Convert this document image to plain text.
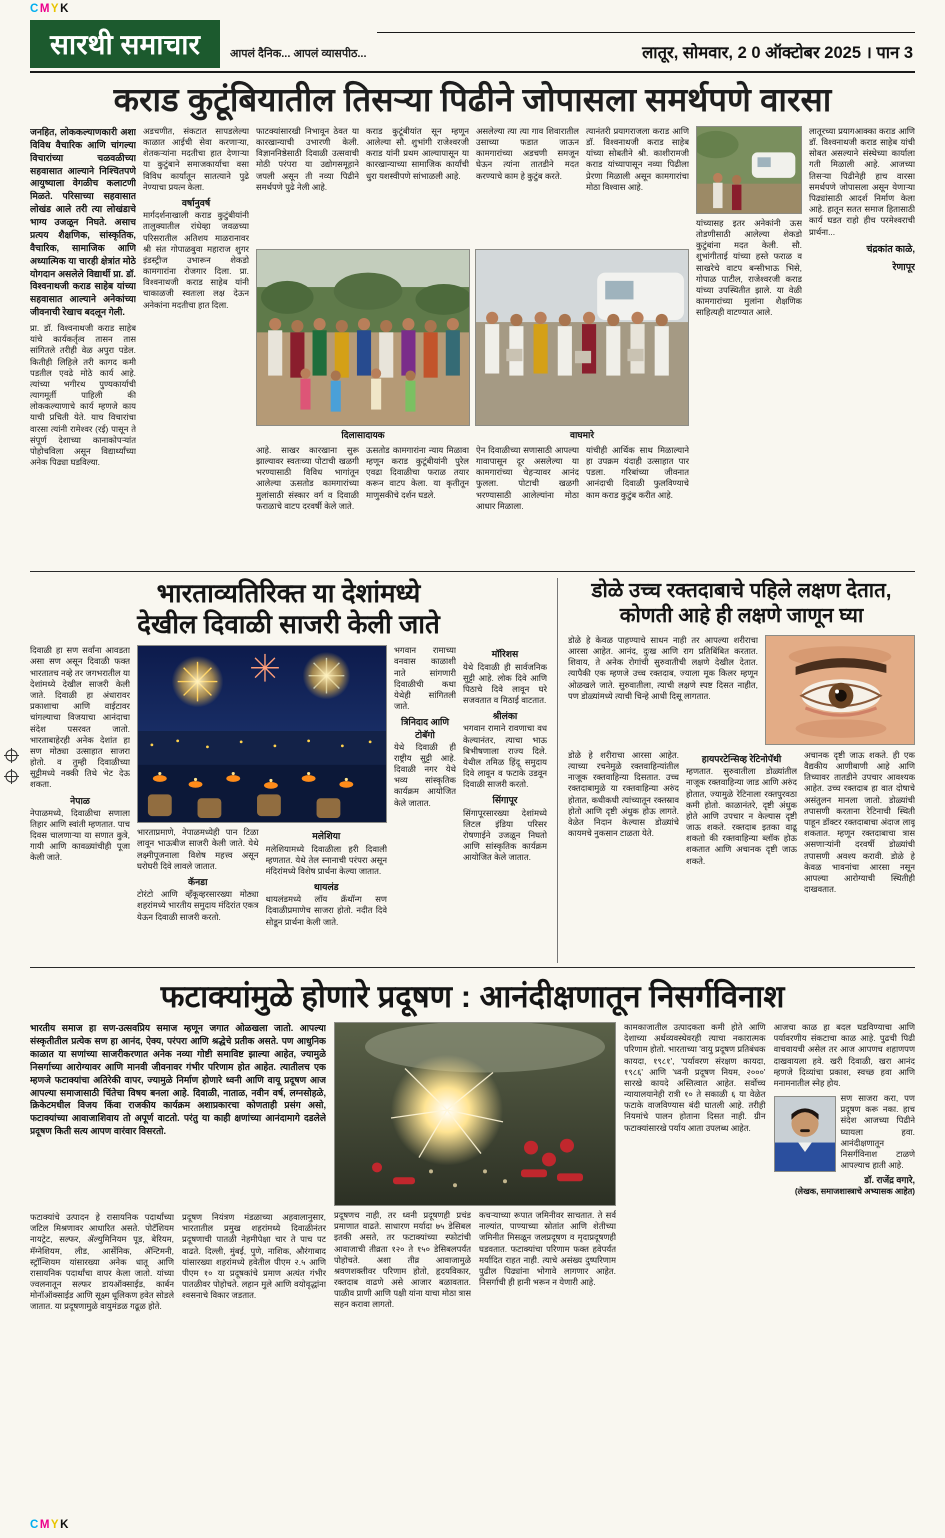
CMYK
सारथी समाचार	आपलं दैनिक... आपलं व्यासपीठ...	लातूर, सोमवार, 2 0 ऑक्टोबर 2025 । पान 3
कराड कुटूंबियातील तिसऱ्या पिढीने जोपासला समर्थपणे वारसा

जनहित, लोककल्याणकारी अशा विविध वैचारिक आणि चांगल्या विचारांच्या चळवळीच्या सहवासात आल्याने निश्चितपणे आयुष्याला वेगळीच कलाटणी मिळते. परिसाच्या सहवासात लोखंड आले तरी त्या लोखंडाचे भाग्य उजळून निघते. असाच प्रत्यय शैक्षणिक, सांस्कृतिक, वैचारिक, सामाजिक आणि अध्यात्मिक या चारही क्षेत्रांत मोठे योगदान असलेले विद्यार्थी प्रा. डॉ. विश्वनाथजी कराड साहेब यांच्या सहवासात आल्याने अनेकांच्या जीवनाची रेखाच बदलून गेली.

प्रा. डॉ. विश्वनाथजी कराड साहेब यांचे कार्यकर्तृत्व तासन तास सांगितले तरीही वेळ अपुरा पडेल. कितीही लिहिले तरी कागद कमी पडतील एवढे मोठे कार्य आहे. त्यांच्या भगीरथ पुण्यकार्याची त्यागमूर्ती पाहिली की लोककल्याणाचे कार्य म्हणजे काय याची प्रचिती येते. याच विचारांचा वारसा त्यांनी रामेश्वर (रई) पासून ते संपूर्ण देशाच्या कानाकोपऱ्यांत पोहोचविला असून विद्यार्थ्यांच्या अनेक पिढ्या घडविल्या.

अडचणीत, संकटात सापडलेल्या काळात आईची सेवा करणाऱ्या, शेतकऱ्यांना मदतीचा हात देणाऱ्या या कुटुंबाने समाजकार्याचा वसा विविध कार्यांतून सातत्याने पुढे नेण्याचा प्रयत्न केला.

वर्षानुवर्ष

मार्गदर्शनाखाली कराड कुटुंबीयांनी तालुक्यातील रांधेव्हा जवळच्या परिसरातील अतिशय माळरानावर श्री संत गोपाळबुवा महाराज शुगर इंडस्ट्रीज उभारून शेकडो कामगारांना रोजगार दिला. प्रा. विश्वनाथजी कराड साहेब यांनी चाकाळजी स्वतःला लक्ष देऊन अनेकांना मदतीचा हात दिला.

फाटक्यांसारखी निभावून ठेवत या कारखान्याची उभारणी केली. विज्ञाननिष्ठेसाठी दिवाळी उत्सवाची मोठी परंपरा या उद्योगसमूहाने जपली असून ती नव्या पिढीने समर्थपणे पुढे नेली आहे.

कराड कुटूंबीयांत सून म्हणून आलेल्या सौ. शुभांगी राजेश्वरजी कराड यांनी प्रथम आल्यापासून या कारखान्याच्या सामाजिक कार्यांची धुरा यशस्वीपणे सांभाळली आहे.

असलेल्या त्या त्या गाव शिवारातील उसाच्या फडात जाऊन कामगारांच्या अडचणी समजून घेऊन त्यांना तातडीने मदत करण्याचे काम हे कुटुंब करते.

त्यानंतरी प्रयागराजला कराड आणि डॉ. विश्वनाथजी कराड साहेब यांच्या सोबतीने श्री. काशीरामजी कराड यांच्यापासून नव्या पिढीला प्रेरणा मिळाली असून कामगारांचा मोठा विश्वास आहे.

दिलासादायक	वाघमारे

आहे. साखर कारखाना सुरू झाल्यावर स्वतःच्या पोटाची खळगी भरण्यासाठी विविध भागांतून आलेल्या ऊसतोड कामगारांच्या मुलांसाठी संस्कार वर्ग व दिवाळी फराळाचे वाटप दरवर्षी केले जाते.

ऊसतोड कामगारांना न्याय मिळावा म्हणून कराड कुटूंबीयांनी पुरेल एवढा दिवाळीचा फराळ तयार करून वाटप केला. या कृतीतून माणुसकीचे दर्शन घडले.

ऐन दिवाळीच्या सणासाठी आपल्या गावापासून दूर असलेल्या या कामगारांच्या चेहऱ्यावर आनंद फुलला. पोटाची खळगी भरण्यासाठी आलेल्यांना मोठा आधार मिळाला.

यांचीही आर्थिक साथ मिळाल्याने हा उपक्रम यंदाही उत्साहात पार पडला. गरिबांच्या जीवनात आनंदाची दिवाळी फुलविण्याचे काम कराड कुटुंब करीत आहे.

यांच्यासह इतर अनेकांनी ऊस तोडणीसाठी आलेल्या शेकडो कुटुंबांना मदत केली. सौ. शुभांगीताई यांच्या हस्ते फराळ व साखरेचे वाटप बन्सीभाऊ भिसे, गोपाळ पाटील, राजेश्वरजी कराड यांच्या उपस्थितीत झाले. या वेळी कामगारांच्या मुलांना शैक्षणिक साहित्यही वाटण्यात आले.

लातूरच्या प्रयागआक्का कराड आणि डॉ. विश्वनाथजी कराड साहेब यांची सोबत असल्याने संस्थेच्या कार्याला गती मिळाली आहे. आजच्या तिसऱ्या पिढीनेही हाच वारसा समर्थपणे जोपासला असून येणाऱ्या पिढ्यांसाठी आदर्श निर्माण केला आहे. हातून सतत समाज हितासाठी कार्य घडत राहो हीच परमेश्वराची प्रार्थना...

चंद्रकांत काळे,
रेणापूर
भारताव्यतिरिक्त या देशांमध्ये
देखील दिवाळी साजरी केली जाते

दिवाळी हा सण सर्वांना आवडता असा सण असून दिवाळी फक्त भारतातच नव्हे तर जगभरातील या देशांमध्ये देखील साजरी केली जाते. दिवाळी हा अंधारावर प्रकाशाचा आणि वाईटावर चांगल्याचा विजयाचा आनंदाचा संदेश पसरवत जातो. भारताबाहेरही अनेक देशांत हा सण मोठ्या उत्साहात साजरा होतो. व तुम्ही दिवाळीच्या सुट्टीमध्ये नक्की तिथे भेट देऊ शकता.

नेपाळ

नेपाळमध्ये, दिवाळीचा सणाला तिहार आणि स्वांती म्हणतात. पाच दिवस चालणाऱ्या या सणात कुत्रे, गायी आणि कावळ्यांचीही पूजा केली जाते.

भारताप्रमाणे, नेपाळमध्येही पान टिळा लावून भाऊबीज साजरी केली जाते. येथे लक्ष्मीपूजनाला विशेष महत्त्व असून घरोघरी दिवे लावले जातात.

कॅनडा

टोरंटो आणि व्हँकूव्हरसारख्या मोठ्या शहरांमध्ये भारतीय समुदाय मंदिरांत एकत्र येऊन दिवाळी साजरी करतो.

मलेशिया

मलेशियामध्ये दिवाळीला हरी दिवाली म्हणतात. येथे तेल स्नानाची परंपरा असून मंदिरांमध्ये विशेष प्रार्थना केल्या जातात.

थायलंड

थायलंडमध्ये लॉय क्रॅथॉन्ग सण दिवाळीप्रमाणेच साजरा होतो. नदीत दिवे सोडून प्रार्थना केली जाते.

भगवान रामाच्या वनवास काळाशी नाते सांगणारी दिवाळीची कथा येथेही सांगितली जाते.

त्रिनिदाद आणि टोबॅगो

येथे दिवाळी ही राष्ट्रीय सुट्टी आहे. दिवाळी नगर येथे भव्य सांस्कृतिक कार्यक्रम आयोजित केले जातात.

मॉरिशस

येथे दिवाळी ही सार्वजनिक सुट्टी आहे. लोक दिवे आणि पिठाचे दिवे लावून घरे सजवतात व मिठाई वाटतात.

श्रीलंका

भगवान रामाने रावणाचा वध केल्यानंतर, त्याचा भाऊ बिभीषणाला राज्य दिले. येथील तमिळ हिंदू समुदाय दिवे लावून व फटाके उडवून दिवाळी साजरी करतो.

सिंगापूर

सिंगापूरसारख्या देशांमध्ये लिटल इंडिया परिसर रोषणाईने उजळून निघतो आणि सांस्कृतिक कार्यक्रम आयोजित केले जातात.

डोळे उच्च रक्तदाबाचे पहिले लक्षण देतात,
कोणती आहे ही लक्षणे जाणून घ्या

डोळे हे केवळ पाहण्याचे साधन नाही तर आपल्या शरीराचा आरसा आहेत. आनंद, दुःख आणि राग प्रतिबिंबित करतात. शिवाय, ते अनेक रोगांची सुरुवातीची लक्षणे देखील देतात. त्यापैकी एक म्हणजे उच्च रक्तदाब, ज्याला मूक किलर म्हणून ओळखले जाते. सुरुवातीला, त्याची लक्षणे स्पष्ट दिसत नाहीत, पण डोळ्यांमध्ये त्याची चिन्हे आधी दिसू लागतात.

डोळे हे शरीराचा आरसा आहेत. त्याच्या रचनेमुळे रक्तवाहिन्यांतील नाजूक रक्तवाहिन्या दिसतात. उच्च रक्तदाबामुळे या रक्तवाहिन्या अरुंद होतात, कधीकधी त्यांच्यातून रक्तस्राव होतो आणि दृष्टी अंधुक होऊ लागते. वेळेत निदान केल्यास डोळ्यांचे कायमचे नुकसान टाळता येते.

हायपरटेन्सिव्ह रेटिनोपॅथी

म्हणतात. सुरुवातीला डोळ्यांतील नाजूक रक्तवाहिन्या जाड आणि अरुंद होतात, ज्यामुळे रेटिनाला रक्तपुरवठा कमी होतो. काळानंतरे, दृष्टी अंधुक होते आणि उपचार न केल्यास दृष्टी जाऊ शकते. रक्तदाब इतका वाढू शकतो की रक्तवाहिन्या ब्लॉक होऊ शकतात आणि अचानक दृष्टी जाऊ शकते.

अचानक दृष्टी जाऊ शकते. ही एक वैद्यकीय आणीबाणी आहे आणि तिच्यावर तातडीने उपचार आवश्यक आहेत. उच्च रक्तदाब हा वात दोषाचे असंतुलन मानला जातो. डोळ्यांची तपासणी करताना रेटिनाची स्थिती पाहून डॉक्टर रक्तदाबाचा अंदाज लावू शकतात. म्हणून रक्तदाबाचा त्रास असणाऱ्यांनी दरवर्षी डोळ्यांची तपासणी अवश्य करावी. डोळे हे केवळ भावनांचा आरसा नसून आपल्या आरोग्याची स्थितीही दाखवतात.

फटाक्यांमुळे होणारे प्रदूषण : आनंदीक्षणातून निसर्गविनाश

भारतीय समाज हा सण-उत्सवप्रिय समाज म्हणून जगात ओळखला जातो. आपल्या संस्कृतीतील प्रत्येक सण हा आनंद, ऐक्य, परंपरा आणि श्रद्धेचे प्रतीक असते. पण आधुनिक काळात या सणांच्या साजरीकरणात अनेक नव्या गोष्टी समाविष्ट झाल्या आहेत, ज्यामुळे निसर्गाच्या आरोग्यावर आणि मानवी जीवनावर गंभीर परिणाम होत आहेत. त्यातीलच एक म्हणजे फटाक्यांचा अतिरेकी वापर, ज्यामुळे निर्माण होणारे ध्वनी आणि वायू प्रदूषण आज आपल्या समाजासाठी चिंतेचा विषय बनला आहे. दिवाळी, नाताळ, नवीन वर्ष, लग्नसोहळे, क्रिकेटमधील विजय किंवा राजकीय कार्यक्रम अशाप्रकारचा कोणताही प्रसंग असो, फटाक्यांच्या आवाजाशिवाय तो अपूर्ण वाटतो. परंतु या काही क्षणांच्या आनंदामागे दडलेले प्रदूषण किती सत्य आपण वारंवार विसरतो.

फटाक्यांचे उत्पादन हे रासायनिक पदार्थांच्या जटिल मिश्रणावर आधारित असते. पोटॅशियम नायट्रेट, सल्फर, ॲल्युमिनियम पूड, बेरियम, मॅग्नेशियम, लीड, आर्सेनिक, ॲन्टिमनी, स्ट्रॉन्शियम यांसारख्या अनेक धातू आणि रासायनिक पदार्थांचा वापर केला जातो. यांच्या ज्वलनातून सल्फर डायऑक्साईड, कार्बन मोनॉऑक्साईड आणि सूक्ष्म धूलिकण हवेत सोडले जातात. या प्रदूषणामुळे वायुमंडळ गढूळ होते.

प्रदूषण नियंत्रण मंडळाच्या अहवालानुसार, भारतातील प्रमुख शहरांमध्ये दिवाळीनंतर प्रदूषणाची पातळी नेहमीपेक्षा चार ते पाच पट वाढते. दिल्ली, मुंबई, पुणे, नाशिक, औरंगाबाद यांसारख्या शहरांमध्ये हवेतील पीएम २.५ आणि पीएम १० या प्रदूषकांचे प्रमाण अत्यंत गंभीर पातळीवर पोहोचते. लहान मुले आणि वयोवृद्धांना श्वसनाचे विकार जडतात.

प्रदूषणच नाही, तर ध्वनी प्रदूषणही प्रचंड प्रमाणात वाढते. साधारण मर्यादा ७५ डेसिबल इतकी असते, तर फटाक्यांच्या स्फोटांची आवाजाची तीव्रता १२० ते १५० डेसिबलपर्यंत पोहोचते. अशा तीव्र आवाजामुळे श्रवणशक्तीवर परिणाम होतो, हृदयविकार, रक्तदाब वाढणे असे आजार बळावतात. पाळीव प्राणी आणि पक्षी यांना याचा मोठा त्रास सहन करावा लागतो.

कचऱ्याच्या रूपात जमिनीवर साचतात. ते सर्व नाल्यांत, पाण्याच्या स्रोतांत आणि शेतीच्या जमिनीत मिसळून जलप्रदूषण व मृदाप्रदूषणही घडवतात. फटाक्यांचा परिणाम फक्त हवेपर्यंत मर्यादित राहत नाही. त्याचे असंख्य दुष्परिणाम पुढील पिढ्यांना भोगावे लागणार आहेत. निसर्गाची ही हानी भरून न येणारी आहे.

कामकाजातील उत्पादकता कमी होते आणि देशाच्या अर्थव्यवस्थेवरही त्याचा नकारात्मक परिणाम होतो. भारताच्या 'वायु प्रदूषण प्रतिबंधक कायदा, १९८१', 'पर्यावरण संरक्षण कायदा, १९८६' आणि 'ध्वनी प्रदूषण नियम, २०००' सारखे कायदे अस्तित्वात आहेत. सर्वोच्च न्यायालयानेही रात्री १० ते सकाळी ६ या वेळेत फटाके वाजविण्यास बंदी घातली आहे. तरीही नियमांचे पालन होताना दिसत नाही. ग्रीन फटाक्यांसारखे पर्याय आता उपलब्ध आहेत.

आजचा काळ हा बदल घडविण्याचा आणि पर्यावरणीय संकटाचा काळ आहे. पुढची पिढी वाचवायची असेल तर आज आपणच शहाणपण दाखवायला हवे. खरी दिवाळी, खरा आनंद म्हणजे दिव्यांचा प्रकाश, स्वच्छ हवा आणि मनामनातील स्नेह होय.

सण साजरा करा, पण प्रदूषण करू नका. हाच संदेश आजच्या पिढीने घ्यायला हवा. आनंदीक्षणातून निसर्गविनाश टाळणे आपल्याच हाती आहे.

डॉ. राजेंद्र वगारे,
(लेखक, समाजशास्त्राचे अभ्यासक आहेत)
CMYK
